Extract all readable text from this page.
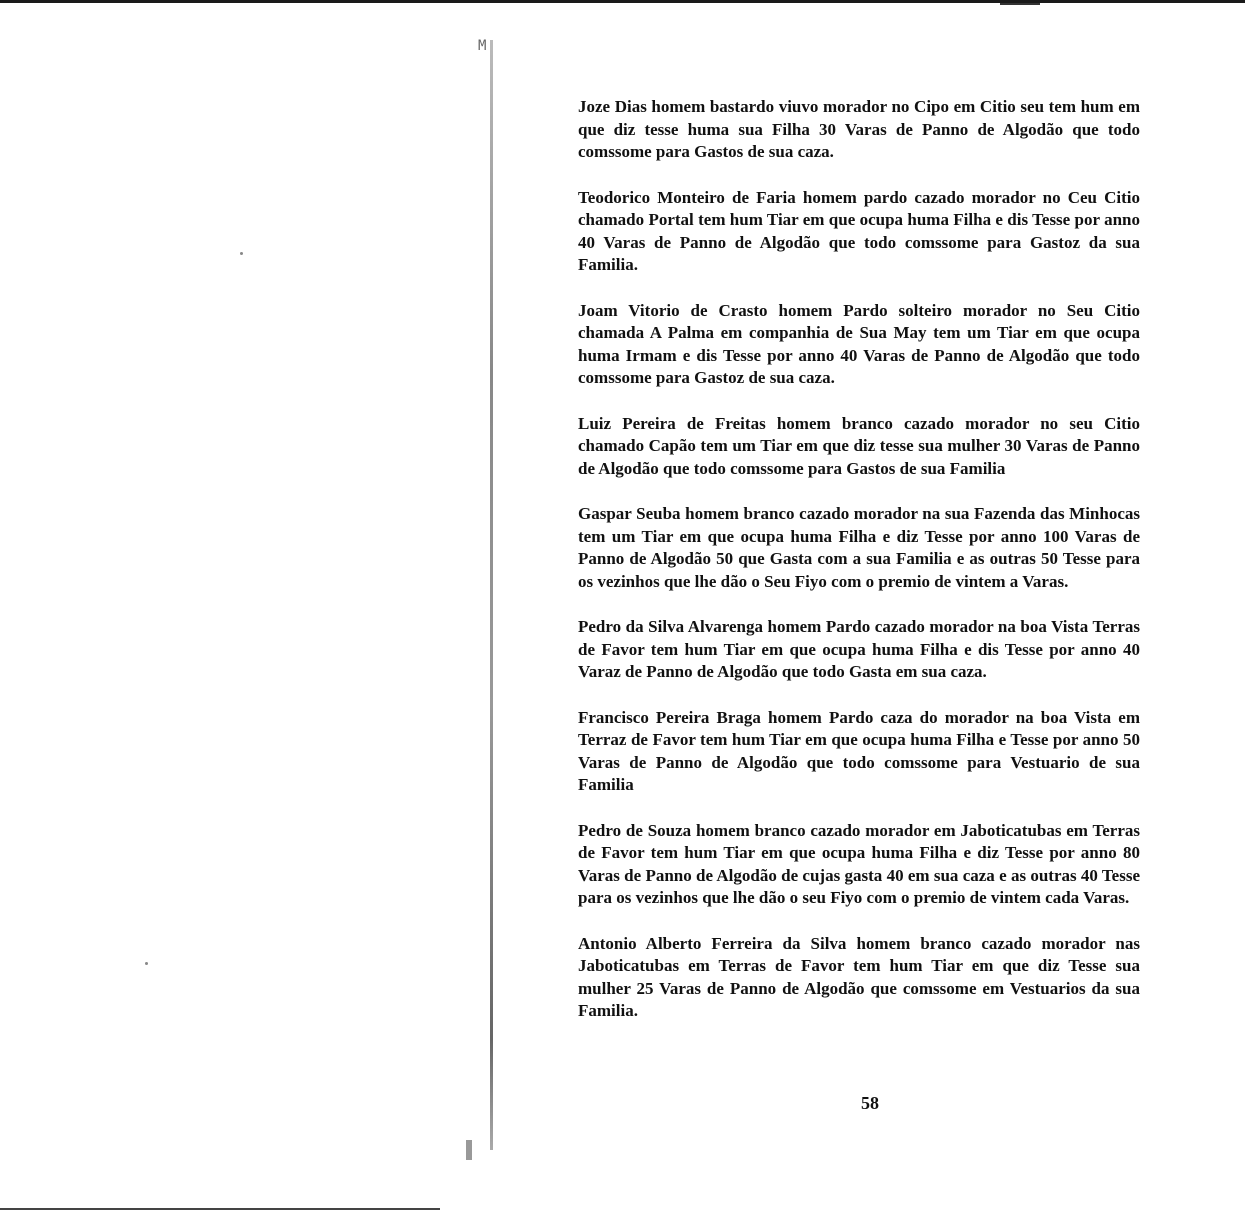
M

Joze Dias homem bastardo viuvo morador no Cipo em Citio seu tem hum em que diz tesse huma sua Filha 30 Varas de Panno de Algodão que todo comssome para Gastos de sua caza.

Teodorico Monteiro de Faria homem pardo cazado morador no Ceu Citio chamado Portal tem hum Tiar em que ocupa huma Filha e dis Tesse por anno 40 Varas de Panno de Algodão que todo comssome para Gastoz da sua Familia.

Joam Vitorio de Crasto homem Pardo solteiro morador no Seu Citio chamada A Palma em companhia de Sua May tem um Tiar em que ocupa huma Irmam e dis Tesse por anno 40 Varas de Panno de Algodão que todo comssome para Gastoz de sua caza.

Luiz Pereira de Freitas homem branco cazado morador no seu Citio chamado Capão tem um Tiar em que diz tesse sua mulher 30 Varas de Panno de Algodão que todo comssome para Gastos de sua Familia

Gaspar Seuba homem branco cazado morador na sua Fazenda das Minhocas tem um Tiar em que ocupa huma Filha e diz Tesse por anno 100 Varas de Panno de Algodão 50 que Gasta com a sua Familia e as outras 50 Tesse para os vezinhos que lhe dão o Seu Fiyo com o premio de vintem a Varas.

Pedro da Silva Alvarenga homem Pardo cazado morador na boa Vista Terras de Favor tem hum Tiar em que ocupa huma Filha e dis Tesse por anno 40 Varaz de Panno de Algodão que todo Gasta em sua caza.

Francisco Pereira Braga homem Pardo caza do morador na boa Vista em Terraz de Favor tem hum Tiar em que ocupa huma Filha e Tesse por anno 50 Varas de Panno de Algodão que todo comssome para Vestuario de sua Familia

Pedro de Souza homem branco cazado morador em Jaboticatubas em Terras de Favor tem hum Tiar em que ocupa huma Filha e diz Tesse por anno 80 Varas de Panno de Algodão de cujas gasta 40 em sua caza e as outras 40 Tesse para os vezinhos que lhe dão o seu Fiyo com o premio de vintem cada Varas.

Antonio Alberto Ferreira da Silva homem branco cazado morador nas Jaboticatubas em Terras de Favor tem hum Tiar em que diz Tesse sua mulher 25 Varas de Panno de Algodão que comssome em Vestuarios da sua Familia.

58
